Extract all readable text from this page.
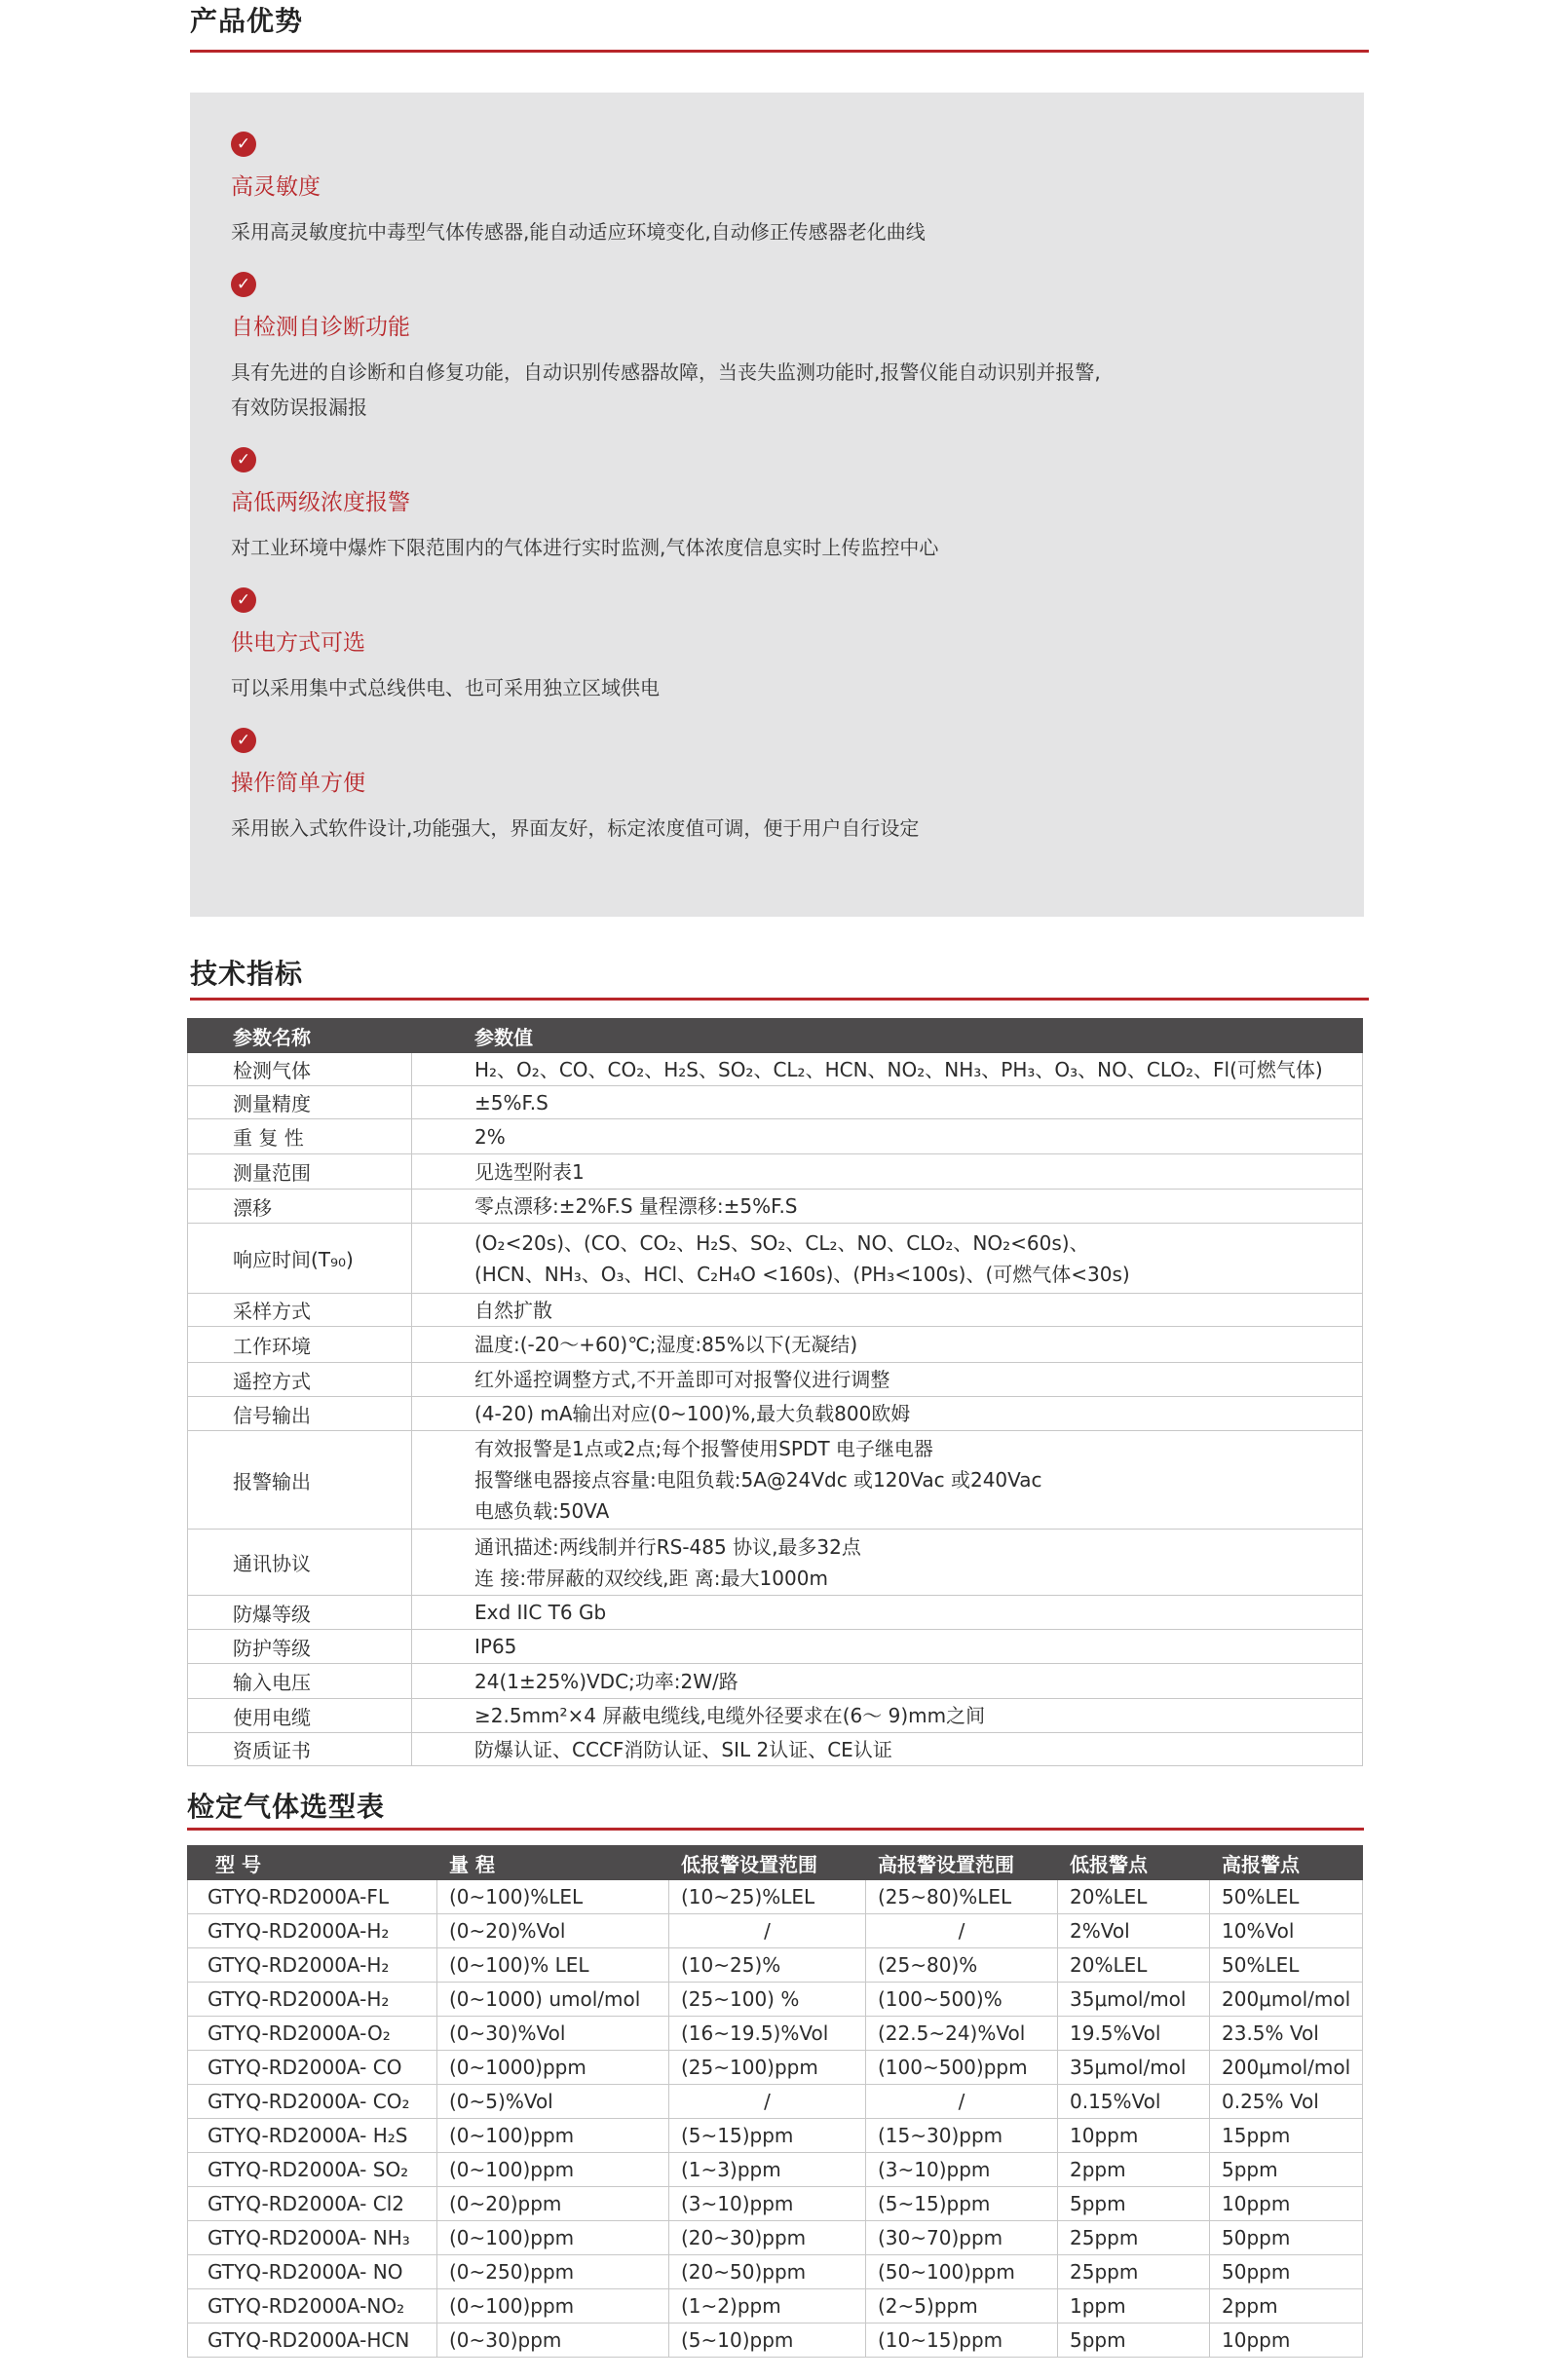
产品优势
✓
高灵敏度
采用高灵敏度抗中毒型气体传感器,能自动适应环境变化,自动修正传感器老化曲线
✓
自检测自诊断功能
具有先进的自诊断和自修复功能，自动识别传感器故障，当丧失监测功能时,报警仪能自动识别并报警,
有效防误报漏报
✓
高低两级浓度报警
对工业环境中爆炸下限范围内的气体进行实时监测,气体浓度信息实时上传监控中心
✓
供电方式可选
可以采用集中式总线供电、也可采用独立区域供电
✓
操作简单方便
采用嵌入式软件设计,功能强大，界面友好，标定浓度值可调，便于用户自行设定
技术指标
参数名称	参数值
检测气体	H₂、O₂、CO、CO₂、H₂S、SO₂、CL₂、HCN、NO₂、NH₃、PH₃、O₃、NO、CLO₂、Fl(可燃气体)
测量精度	±5%F.S
重 复 性	2%
测量范围	见选型附表1
漂移	零点漂移:±2%F.S 量程漂移:±5%F.S
响应时间(T₉₀)	(O₂<20s)、(CO、CO₂、H₂S、SO₂、CL₂、NO、CLO₂、NO₂<60s)、
(HCN、NH₃、O₃、HCl、C₂H₄O <160s)、(PH₃<100s)、(可燃气体<30s)
采样方式	自然扩散
工作环境	温度:(-20～+60)℃;湿度:85%以下(无凝结)
遥控方式	红外遥控调整方式,不开盖即可对报警仪进行调整
信号输出	(4-20) mA输出对应(0~100)%,最大负载800欧姆
报警输出	有效报警是1点或2点;每个报警使用SPDT 电子继电器
报警继电器接点容量:电阻负载:5A@24Vdc 或120Vac 或240Vac
电感负载:50VA
通讯协议	通讯描述:两线制并行RS-485 协议,最多32点
连 接:带屏蔽的双绞线,距 离:最大1000m
防爆等级	Exd IIC T6 Gb
防护等级	IP65
输入电压	24(1±25%)VDC;功率:2W/路
使用电缆	≥2.5mm²×4 屏蔽电缆线,电缆外径要求在(6～ 9)mm之间
资质证书	防爆认证、CCCF消防认证、SIL 2认证、CE认证
检定气体选型表
型 号	量 程	低报警设置范围	高报警设置范围	低报警点	高报警点
GTYQ-RD2000A-FL	(0~100)%LEL	(10~25)%LEL	(25~80)%LEL	20%LEL	50%LEL
GTYQ-RD2000A-H₂	(0~20)%Vol	/	/	2%Vol	10%Vol
GTYQ-RD2000A-H₂	(0~100)% LEL	(10~25)%	(25~80)%	20%LEL	50%LEL
GTYQ-RD2000A-H₂	(0~1000) umol/mol	(25~100) %	(100~500)%	35μmol/mol	200μmol/mol
GTYQ-RD2000A-O₂	(0~30)%Vol	(16~19.5)%Vol	(22.5~24)%Vol	19.5%Vol	23.5% Vol
GTYQ-RD2000A- CO	(0~1000)ppm	(25~100)ppm	(100~500)ppm	35μmol/mol	200μmol/mol
GTYQ-RD2000A- CO₂	(0~5)%Vol	/	/	0.15%Vol	0.25% Vol
GTYQ-RD2000A- H₂S	(0~100)ppm	(5~15)ppm	(15~30)ppm	10ppm	15ppm
GTYQ-RD2000A- SO₂	(0~100)ppm	(1~3)ppm	(3~10)ppm	2ppm	5ppm
GTYQ-RD2000A- Cl2	(0~20)ppm	(3~10)ppm	(5~15)ppm	5ppm	10ppm
GTYQ-RD2000A- NH₃	(0~100)ppm	(20~30)ppm	(30~70)ppm	25ppm	50ppm
GTYQ-RD2000A- NO	(0~250)ppm	(20~50)ppm	(50~100)ppm	25ppm	50ppm
GTYQ-RD2000A-NO₂	(0~100)ppm	(1~2)ppm	(2~5)ppm	1ppm	2ppm
GTYQ-RD2000A-HCN	(0~30)ppm	(5~10)ppm	(10~15)ppm	5ppm	10ppm
